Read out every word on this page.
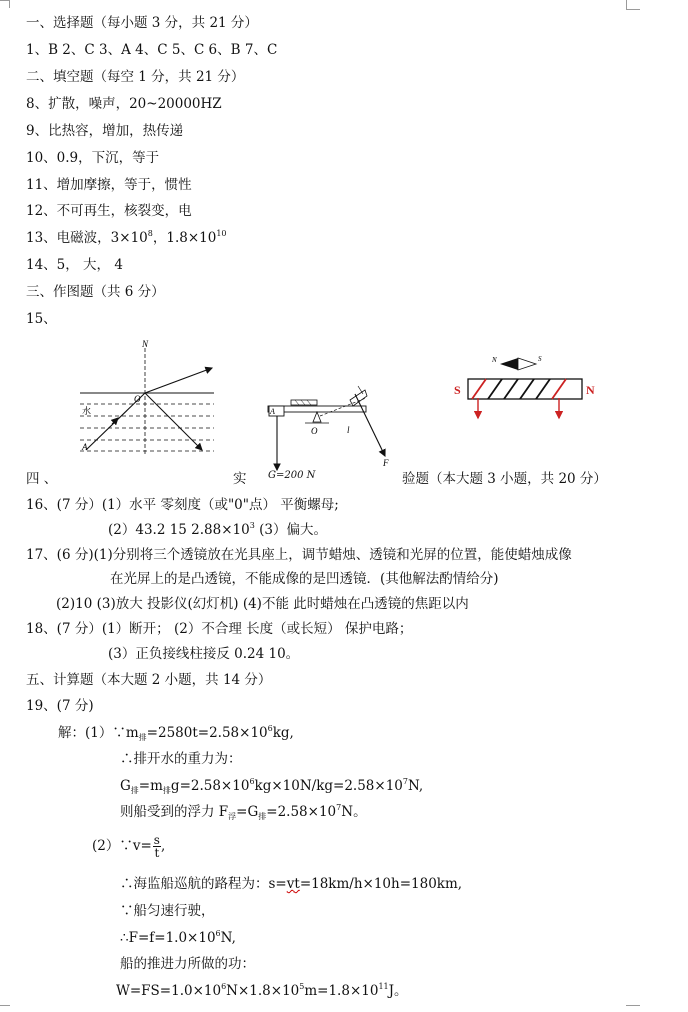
一、选择题（每小题 3 分，共 21 分）
1、B 2、C 3、A 4、C 5、C 6、B 7、C
二、填空题（每空 1 分，共 21 分）
8、扩散，噪声，20~20000HZ
9、比热容，增加，热传递
10、0.9，下沉，等于
11、增加摩擦，等于，惯性
12、不可再生，核裂变，电
13、电磁波，$3\times 10^8$，$1.8\times 10^{10}$
14、5， 大， 4
三、作图题（共 6 分）
15、
N
O
水
A
A
O	l
F
G=200 N
N	S
S	N
四 、	实	验题（本大题 3 小题，共 20 分）
16、(7 分）(1）水平 零刻度（或"0"点） 平衡螺母;
(2）43.2 15 $2.88\times 10^3$ (3）偏大。
17、(6 分)(1)分别将三个透镜放在光具座上，调节蜡烛、透镜和光屏的位置，能使蜡烛成像
在光屏上的是凸透镜，不能成像的是凹透镜．(其他解法酌情给分)
(2)10 (3)放大 投影仪(幻灯机) (4)不能 此时蜡烛在凸透镜的焦距以内
18、(7 分）(1）断开； (2）不合理 长度（或长短） 保护电路；
(3）正负接线柱接反 0.24 10。
五、计算题（本大题 2 小题，共 14 分）
19、(7 分)
解：$(1)\because m_排=2580t=2.58\times 10^6kg$,
∴排开水的重力为：
$G_排=m_排g=2.58\times 10^6kg\times 10N/kg=2.58\times 10^7N$,
则船受到的浮力 $F_浮=G_排=2.58\times 10^7N$。
(2）∵v= $\frac{s}{t}$ ,
∴海监船巡航的路程为：s=vt=18km/h×10h=180km,
∵船匀速行驶，
$\therefore F=f=1.0\times 10^6N$,
船的推进力所做的功：
$W=FS=1.0\times 10^6N\times 1.8\times 10^5m=1.8\times 10^{11}J$。
